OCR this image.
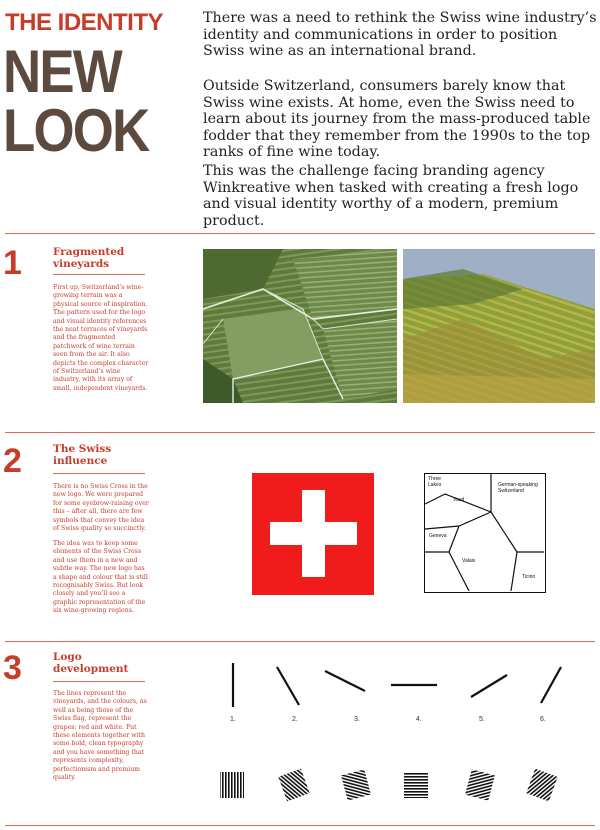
THE IDENTITY
NEW
LOOK

There was a need to rethink the Swiss wine industry’s identity and communications in order to position Swiss wine as an international brand.

Outside Switzerland, consumers barely know that Swiss wine exists. At home, even the Swiss need to learn about its journey from the mass-produced table fodder that they remember from the 1990s to the top ranks of fine wine today.

This was the challenge facing branding agency Winkreative when tasked with creating a fresh logo and visual identity worthy of a modern, premium product.

1	Fragmented vineyards

First up, Switzerland’s wine-growing terrain was a physical source of inspiration. The pattern used for the logo and visual identity references the neat terraces of vineyards and the fragmented patchwork of wine terrain seen from the air. It also depicts the complex character of Switzerland’s wine industry, with its array of small, independent vineyards.

2	The Swiss influence

There is no Swiss Cross in the new logo. We were prepared for some eyebrow-raising over this – after all, there are few symbols that convey the idea of Swiss quality so succinctly.

The idea was to keep some elements of the Swiss Cross and use them in a new and subtle way. The new logo has a shape and colour that is still recognisably Swiss. But look closely and you’ll see a graphic representation of the six wine-growing regions.

Three Lakes	German-speaking Switzerland
Vaud
Geneva
Valais
Ticino
3	Logo development

The lines represent the vineyards, and the colours, as well as being those of the Swiss flag, represent the grapes: red and white. Put these elements together with some bold, clean typography and you have something that represents complexity, perfectionism and premium quality.

1.	2.	3.	4.	5.	6.
